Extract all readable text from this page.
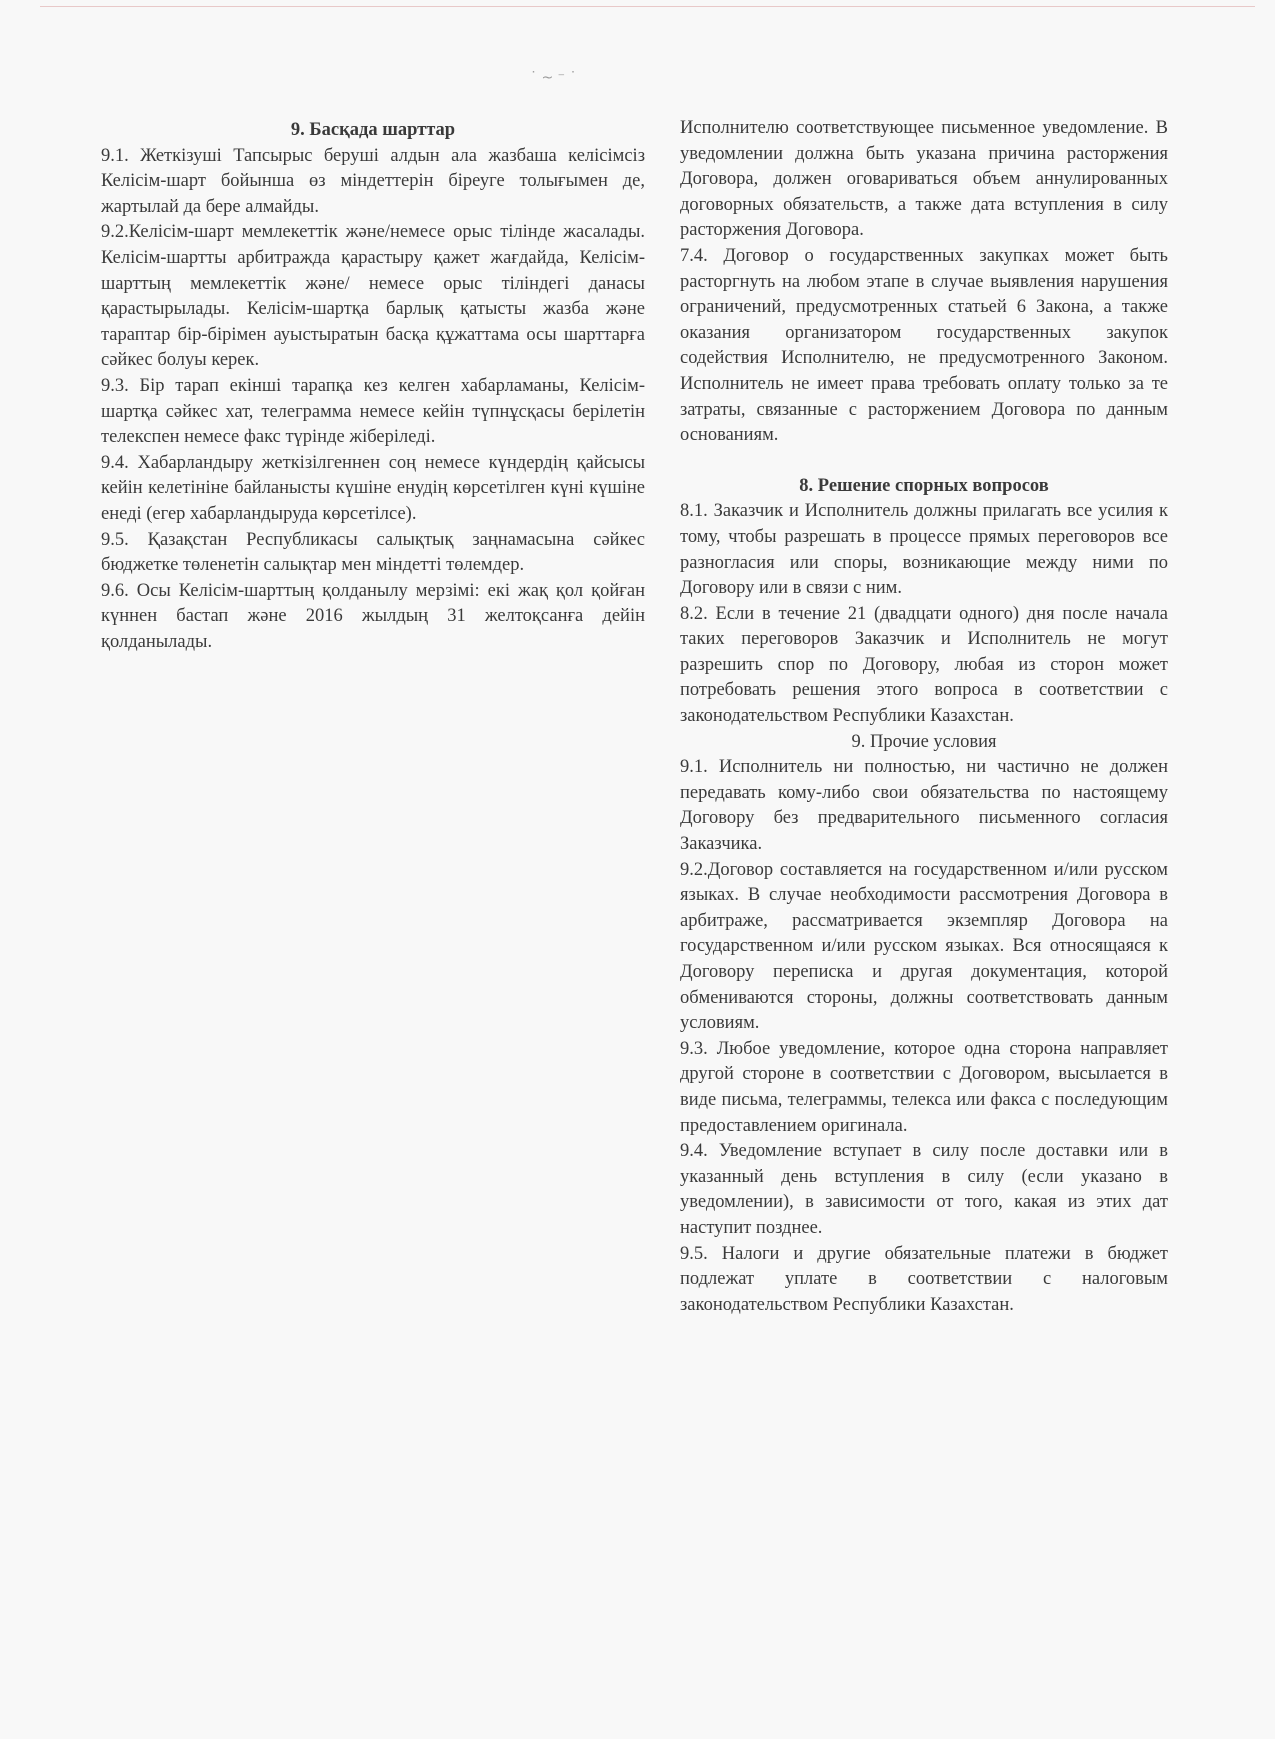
˙ ~ ⁻ ˙
9. Басқада шарттар

9.1. Жеткізуші Тапсырыс беруші алдын ала жазбаша келісімсіз Келісім-шарт бойынша өз міндеттерін біреуге толығымен де, жартылай да бере алмайды.

9.2.Келісім-шарт мемлекеттік және/немесе орыс тілінде жасалады. Келісім-шартты арбитражда қарастыру қажет жағдайда, Келісім-шарттың мемлекеттік және/ немесе орыс тіліндегі данасы қарастырылады. Келісім-шартқа барлық қатысты жазба және тараптар бір-бірімен ауыстыратын басқа құжаттама осы шарттарға сәйкес болуы керек.

9.3. Бір тарап екінші тарапқа кез келген хабарламаны, Келісім-шартқа сәйкес хат, телеграмма немесе кейін түпнұсқасы берілетін телекспен немесе факс түрінде жіберіледі.

9.4. Хабарландыру жеткізілгеннен соң немесе күндердің қайсысы кейін келетініне байланысты күшіне енудің көрсетілген күні күшіне енеді (егер хабарландыруда көрсетілсе).

9.5. Қазақстан Республикасы салықтық заңнамасына сәйкес бюджетке төленетін салықтар мен міндетті төлемдер.

9.6. Осы Келісім-шарттың қолданылу мерзімі: екі жақ қол қойған күннен бастап және 2016 жылдың 31 желтоқсанға дейін қолданылады.

Исполнителю соответствующее письменное уведомление. В уведомлении должна быть указана причина расторжения Договора, должен оговариваться объем аннулированных договорных обязательств, а также дата вступления в силу расторжения Договора.

7.4. Договор о государственных закупках может быть расторгнуть на любом этапе в случае выявления нарушения ограничений, предусмотренных статьей 6 Закона, а также оказания организатором государственных закупок содействия Исполнителю, не предусмотренного Законом. Исполнитель не имеет права требовать оплату только за те затраты, связанные с расторжением Договора по данным основаниям.

8. Решение спорных вопросов

8.1. Заказчик и Исполнитель должны прилагать все усилия к тому, чтобы разрешать в процессе прямых переговоров все разногласия или споры, возникающие между ними по Договору или в связи с ним.

8.2. Если в течение 21 (двадцати одного) дня после начала таких переговоров Заказчик и Исполнитель не могут разрешить спор по Договору, любая из сторон может потребовать решения этого вопроса в соответствии с законодательством Республики Казахстан.

9. Прочие условия

9.1. Исполнитель ни полностью, ни частично не должен передавать кому-либо свои обязательства по настоящему Договору без предварительного письменного согласия Заказчика.

9.2.Договор составляется на государственном и/или русском языках. В случае необходимости рассмотрения Договора в арбитраже, рассматривается экземпляр Договора на государственном и/или русском языках. Вся относящаяся к Договору переписка и другая документация, которой обмениваются стороны, должны соответствовать данным условиям.

9.3. Любое уведомление, которое одна сторона направляет другой стороне в соответствии с Договором, высылается в виде письма, телеграммы, телекса или факса с последующим предоставлением оригинала.

9.4. Уведомление вступает в силу после доставки или в указанный день вступления в силу (если указано в уведомлении), в зависимости от того, какая из этих дат наступит позднее.

9.5. Налоги и другие обязательные платежи в бюджет подлежат уплате в соответствии с налоговым законодательством Республики Казахстан.
